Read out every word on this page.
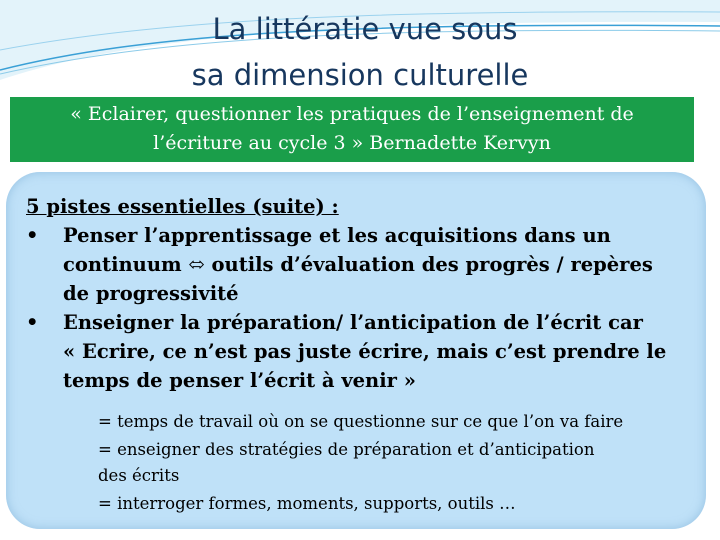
La littératie vue sous
sa dimension culturelle
« Eclairer, questionner les pratiques de l’enseignement de
l’écriture au cycle 3 » Bernadette Kervyn
5 pistes essentielles (suite) :
•	Penser l’apprentissage et les acquisitions dans un
continuum ⬄ outils d’évaluation des progrès / repères
de progressivité
•	Enseigner la préparation/ l’anticipation de l’écrit car
« Ecrire, ce n’est pas juste écrire, mais c’est prendre le
temps de penser l’écrit à venir »
= temps de travail où on se questionne sur ce que l’on va faire
= enseigner des stratégies de préparation et d’anticipation
des écrits
= interroger formes, moments, supports, outils …
